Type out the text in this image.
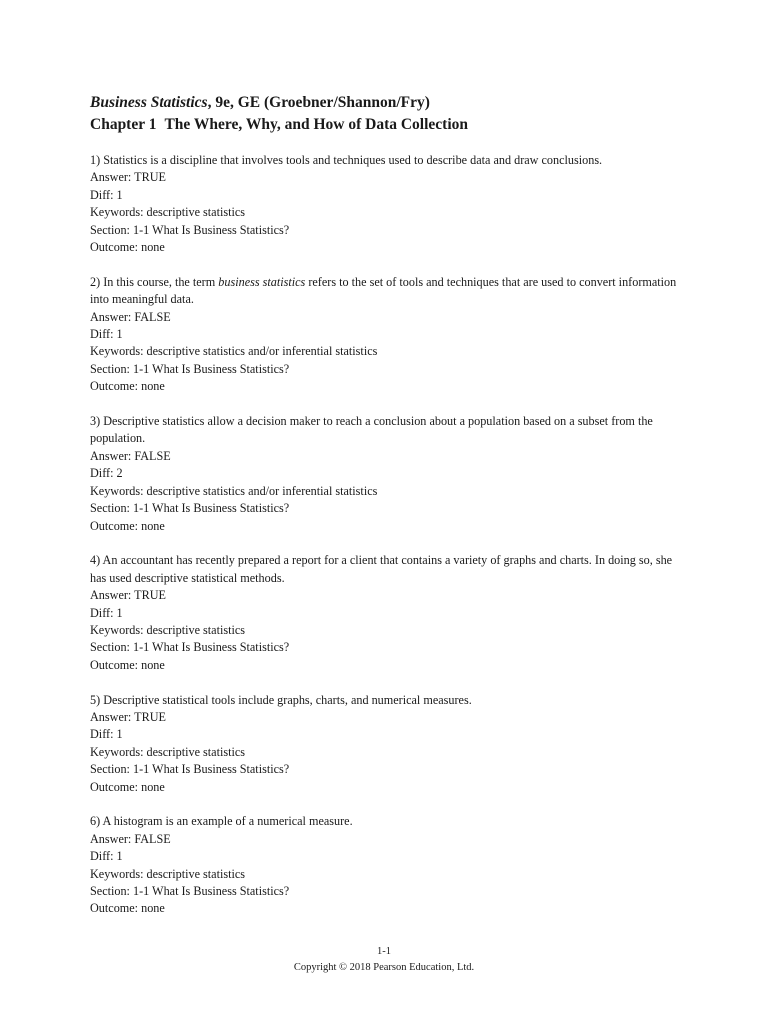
Business Statistics, 9e, GE (Groebner/Shannon/Fry)
Chapter 1 The Where, Why, and How of Data Collection
1) Statistics is a discipline that involves tools and techniques used to describe data and draw conclusions.
Answer: TRUE
Diff: 1
Keywords: descriptive statistics
Section: 1-1 What Is Business Statistics?
Outcome: none
2) In this course, the term business statistics refers to the set of tools and techniques that are used to convert information into meaningful data.
Answer: FALSE
Diff: 1
Keywords: descriptive statistics and/or inferential statistics
Section: 1-1 What Is Business Statistics?
Outcome: none
3) Descriptive statistics allow a decision maker to reach a conclusion about a population based on a subset from the population.
Answer: FALSE
Diff: 2
Keywords: descriptive statistics and/or inferential statistics
Section: 1-1 What Is Business Statistics?
Outcome: none
4) An accountant has recently prepared a report for a client that contains a variety of graphs and charts. In doing so, she has used descriptive statistical methods.
Answer: TRUE
Diff: 1
Keywords: descriptive statistics
Section: 1-1 What Is Business Statistics?
Outcome: none
5) Descriptive statistical tools include graphs, charts, and numerical measures.
Answer: TRUE
Diff: 1
Keywords: descriptive statistics
Section: 1-1 What Is Business Statistics?
Outcome: none
6) A histogram is an example of a numerical measure.
Answer: FALSE
Diff: 1
Keywords: descriptive statistics
Section: 1-1 What Is Business Statistics?
Outcome: none
1-1
Copyright © 2018 Pearson Education, Ltd.
